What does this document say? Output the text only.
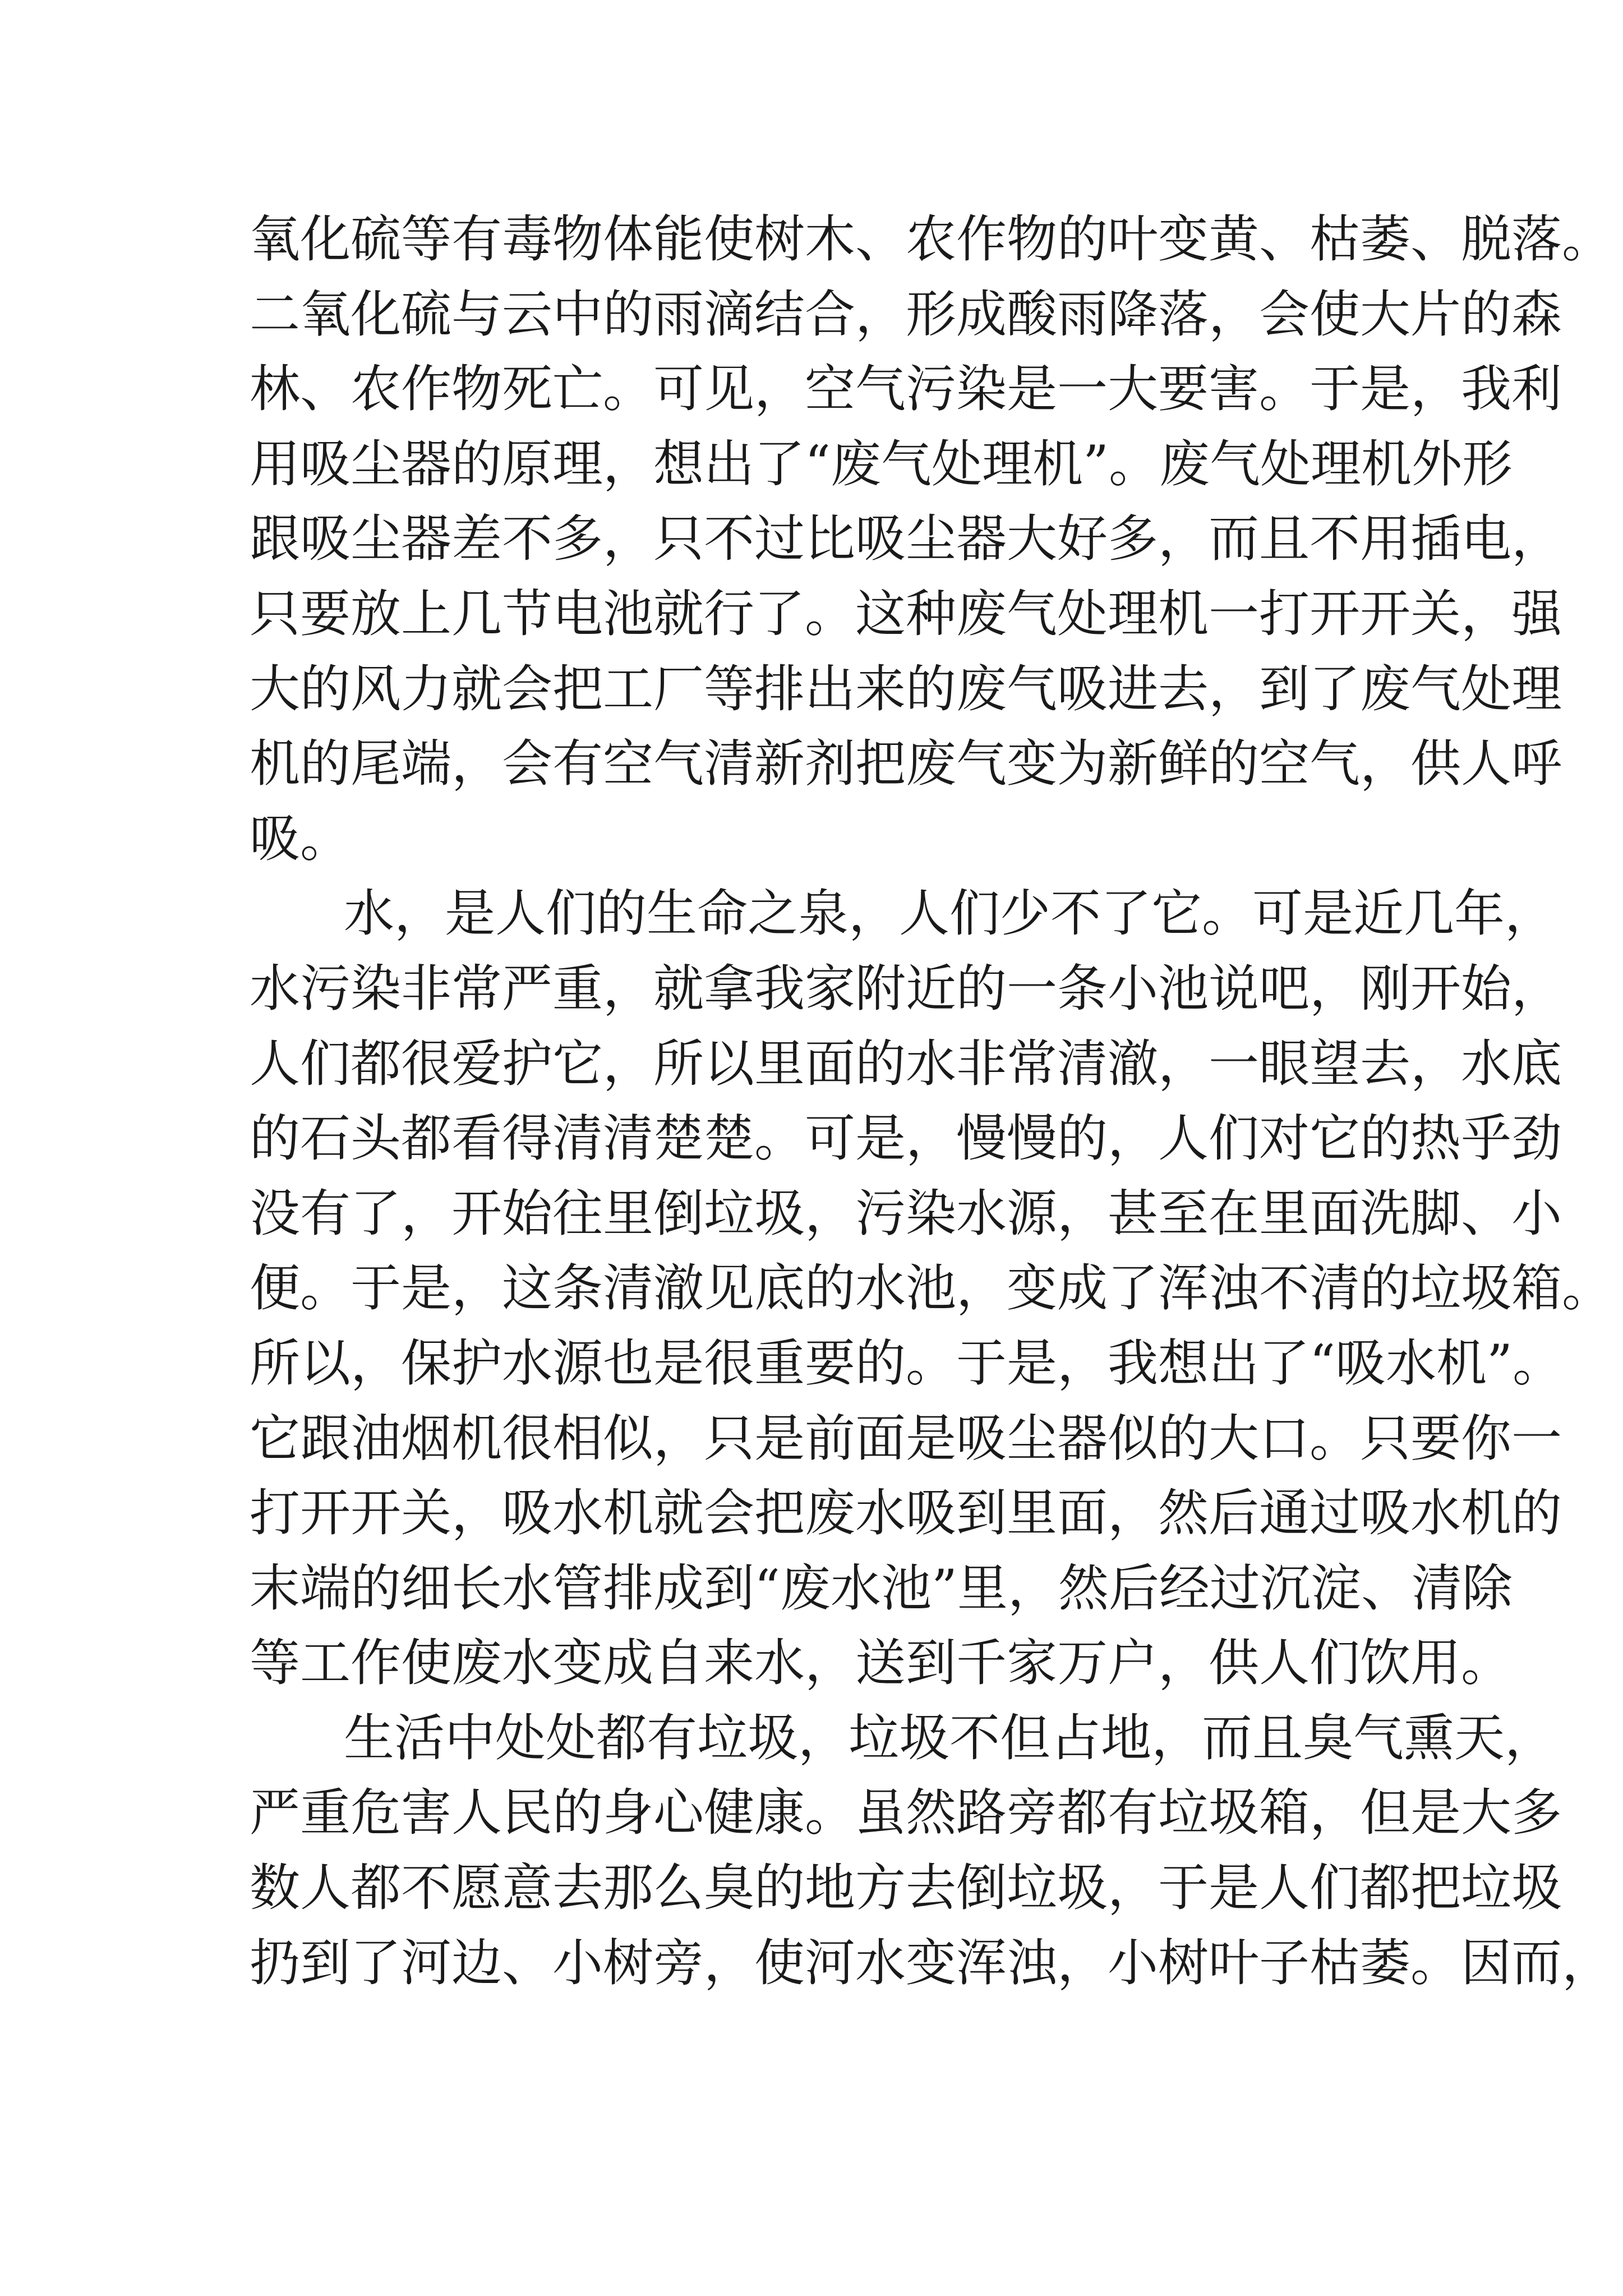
氧化硫等有毒物体能使树木、农作物的叶变黄、枯萎、脱落。
二氧化硫与云中的雨滴结合，形成酸雨降落，会使大片的森
林、农作物死亡。可见，空气污染是一大要害。于是，我利
用吸尘器的原理，想出了“废气处理机”。废气处理机外形
跟吸尘器差不多，只不过比吸尘器大好多，而且不用插电，
只要放上几节电池就行了。这种废气处理机一打开开关，强
大的风力就会把工厂等排出来的废气吸进去，到了废气处理
机的尾端，会有空气清新剂把废气变为新鲜的空气，供人呼
吸。
水，是人们的生命之泉，人们少不了它。可是近几年，
水污染非常严重，就拿我家附近的一条小池说吧，刚开始，
人们都很爱护它，所以里面的水非常清澈，一眼望去，水底
的石头都看得清清楚楚。可是，慢慢的，人们对它的热乎劲
没有了，开始往里倒垃圾，污染水源，甚至在里面洗脚、小
便。于是，这条清澈见底的水池，变成了浑浊不清的垃圾箱。
所以，保护水源也是很重要的。于是，我想出了“吸水机”。
它跟油烟机很相似，只是前面是吸尘器似的大口。只要你一
打开开关，吸水机就会把废水吸到里面，然后通过吸水机的
末端的细长水管排成到“废水池”里，然后经过沉淀、清除
等工作使废水变成自来水，送到千家万户，供人们饮用。
生活中处处都有垃圾，垃圾不但占地，而且臭气熏天，
严重危害人民的身心健康。虽然路旁都有垃圾箱，但是大多
数人都不愿意去那么臭的地方去倒垃圾，于是人们都把垃圾
扔到了河边、小树旁，使河水变浑浊，小树叶子枯萎。因而，
